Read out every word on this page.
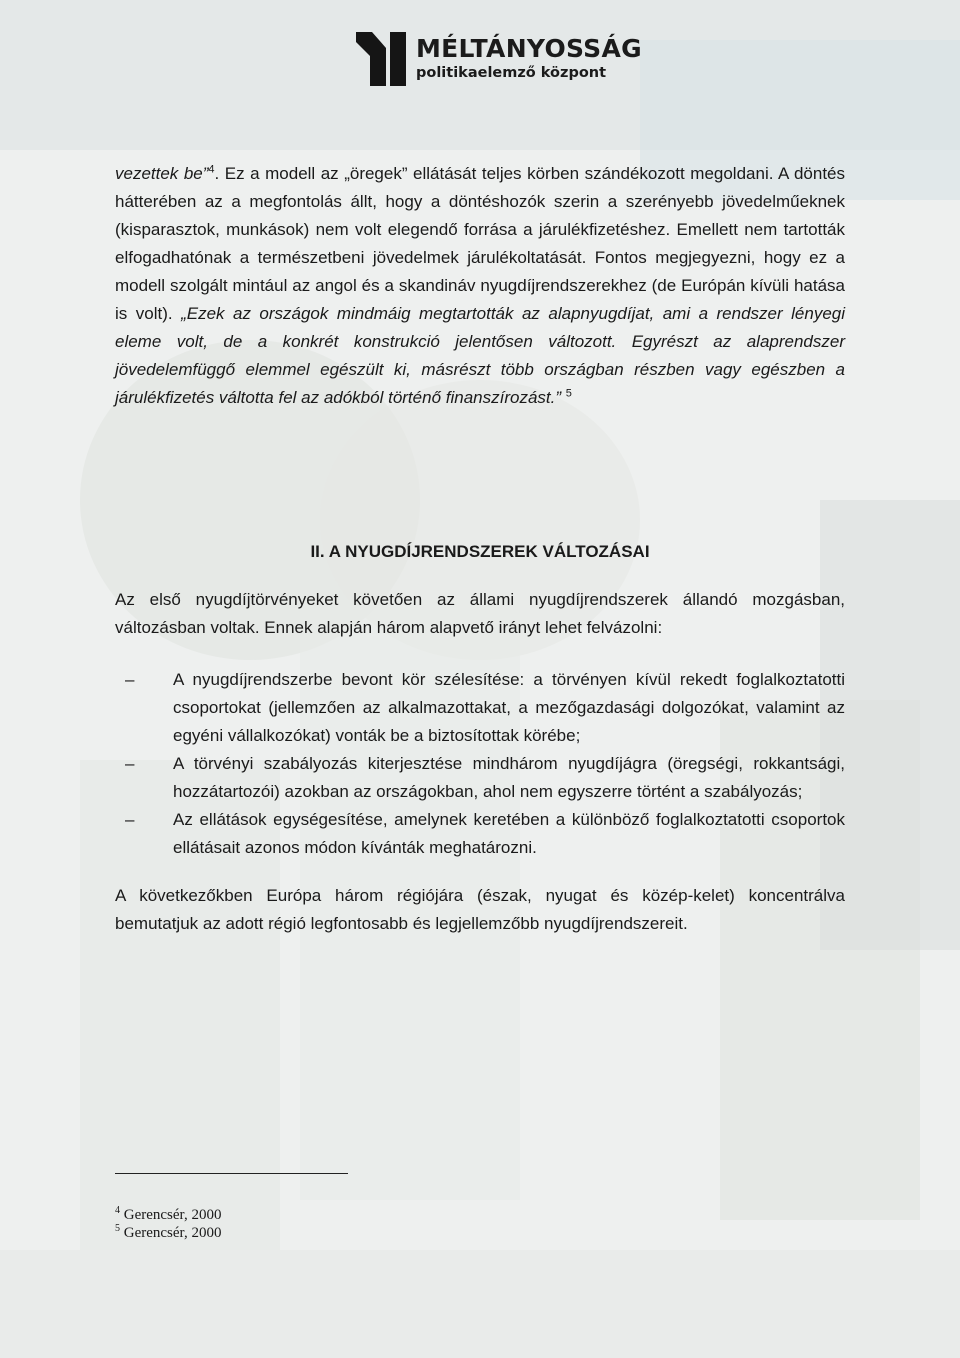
MÉLTÁNYOSSÁG
politikaelemző központ

vezettek be”$^4$. Ez a modell az „öregek” ellátását teljes körben szándékozott megoldani. A döntés hátterében az a megfontolás állt, hogy a döntéshozók szerin a szerényebb jövedelműeknek (kisparasztok, munkások) nem volt elegendő forrása a járulékfizetéshez. Emellett nem tartották elfogadhatónak a természetbeni jövedelmek járulékoltatását. Fontos megjegyezni, hogy ez a modell szolgált mintául az angol és a skandináv nyugdíjrendszerekhez (de Európán kívüli hatása is volt). „Ezek az országok mindmáig megtartották az alapnyugdíjat, ami a rendszer lényegi eleme volt, de a konkrét konstrukció jelentősen változott. Egyrészt az alaprendszer jövedelemfüggő elemmel egészült ki, másrészt több országban részben vagy egészben a járulékfizetés váltotta fel az adókból történő finanszírozást.” $^5$

II. A NYUGDÍJRENDSZEREK VÁLTOZÁSAI

Az első nyugdíjtörvényeket követően az állami nyugdíjrendszerek állandó mozgásban, változásban voltak. Ennek alapján három alapvető irányt lehet felvázolni:

– A nyugdíjrendszerbe bevont kör szélesítése: a törvényen kívül rekedt foglalkoztatotti csoportokat (jellemzően az alkalmazottakat, a mezőgazdasági dolgozókat, valamint az egyéni vállalkozókat) vonták be a biztosítottak körébe;
– A törvényi szabályozás kiterjesztése mindhárom nyugdíjágra (öregségi, rokkantsági, hozzátartozói) azokban az országokban, ahol nem egyszerre történt a szabályozás;
– Az ellátások egységesítése, amelynek keretében a különböző foglalkoztatotti csoportok ellátásait azonos módon kívánták meghatározni.

A következőkben Európa három régiójára (észak, nyugat és közép-kelet) koncentrálva bemutatjuk az adott régió legfontosabb és legjellemzőbb nyugdíjrendszereit.

$^4$ Gerencsér, 2000
$^5$ Gerencsér, 2000
